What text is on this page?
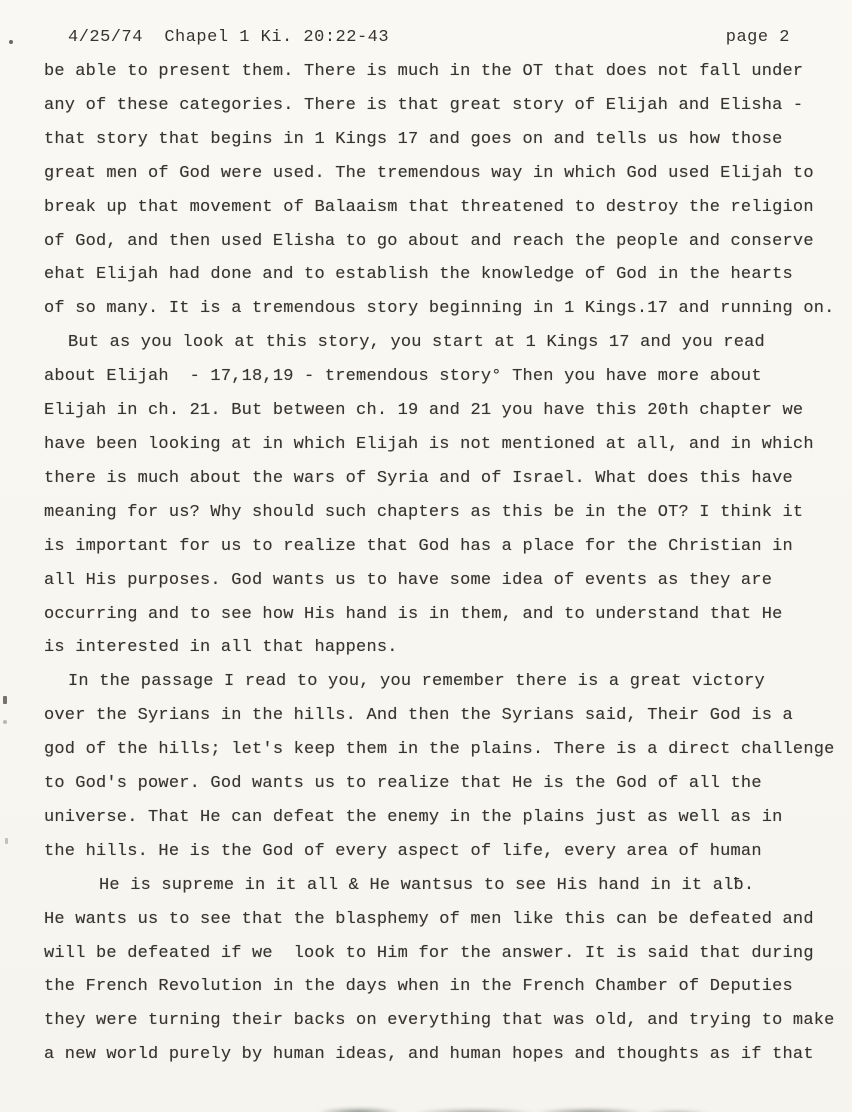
4/25/74  Chapel 1 Ki. 20:22-43	page 2
be able to present them. There is much in the OT that does not fall under
any of these categories. There is that great story of Elijah and Elisha -
that story that begins in 1 Kings 17 and goes on and tells us how those
great men of God were used. The tremendous way in which God used Elijah to
break up that movement of Balaaism that threatened to destroy the religion
of God, and then used Elisha to go about and reach the people and conserve
ehat Elijah had done and to establish the knowledge of God in the hearts
of so many. It is a tremendous story beginning in 1 Kings.17 and running on.
But as you look at this story, you start at 1 Kings 17 and you read
about Elijah  - 17,18,19 - tremendous story° Then you have more about
Elijah in ch. 21. But between ch. 19 and 21 you have this 20th chapter we
have been looking at in which Elijah is not mentioned at all, and in which
there is much about the wars of Syria and of Israel. What does this have
meaning for us? Why should such chapters as this be in the OT? I think it
is important for us to realize that God has a place for the Christian in
all His purposes. God wants us to have some idea of events as they are
occurring and to see how His hand is in them, and to understand that He
is interested in all that happens.
In the passage I read to you, you remember there is a great victory
over the Syrians in the hills. And then the Syrians said, Their God is a
god of the hills; let's keep them in the plains. There is a direct challenge
to God's power. God wants us to realize that He is the God of all the
universe. That He can defeat the enemy in the plains just as well as in
the hills. He is the God of every aspect of life, every area of human
He is supreme in it all & He wantsus to see His hand in it alƀ.
He wants us to see that the blasphemy of men like this can be defeated and
will be defeated if we  look to Him for the answer. It is said that during
the French Revolution in the days when in the French Chamber of Deputies
they were turning their backs on everything that was old, and trying to make
a new world purely by human ideas, and human hopes and thoughts as if that
